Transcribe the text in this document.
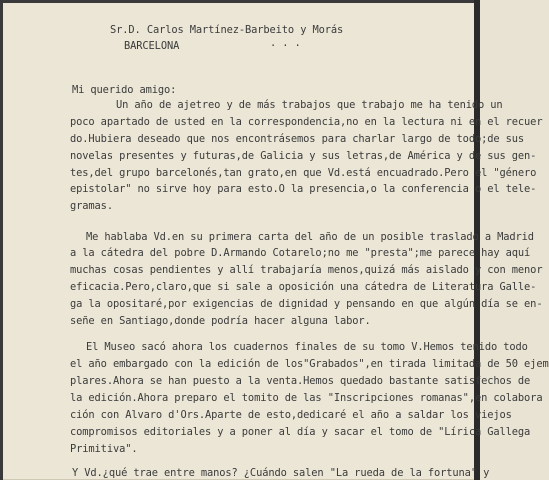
Sr.D. Carlos Martínez-Barbeito y Morás
BARCELONA	. . .
Mi querido amigo:
Un año de ajetreo y de más trabajos que trabajo me ha tenido un
poco apartado de usted en la correspondencia,no en la lectura ni en el recuer
do.Hubiera deseado que nos encontrásemos para charlar largo de todo;de sus
novelas presentes y futuras,de Galicia y sus letras,de América y de sus gen-
tes,del grupo barcelonés,tan grato,en que Vd.está encuadrado.Pero el "género
epistolar" no sirve hoy para esto.O la presencia,o la conferencia o el tele-
gramas.
Me hablaba Vd.en su primera carta del año de un posible traslado a Madrid
a la cátedra del pobre D.Armando Cotarelo;no me "presta";me parece hay aquí
muchas cosas pendientes y allí trabajaría menos,quizá más aislado y con menor
eficacia.Pero,claro,que si sale a oposición una cátedra de Literatura Galle-
ga la opositaré,por exigencias de dignidad y pensando en que algún día se en-
señe en Santiago,donde podría hacer alguna labor.
El Museo sacó ahora los cuadernos finales de su tomo V.Hemos tenido todo
el año embargado con la edición de los"Grabados",en tirada limitada de 50 ejem
plares.Ahora se han puesto a la venta.Hemos quedado bastante satisfechos de
la edición.Ahora preparo el tomito de las "Inscripciones romanas",en colabora
ción con Alvaro d'Ors.Aparte de esto,dedicaré el año a saldar los viejos
compromisos editoriales y a poner al día y sacar el tomo de "Lírica Gallega
Primitiva".
Y Vd.¿qué trae entre manos? ¿Cuándo salen "La rueda de la fortuna" y
